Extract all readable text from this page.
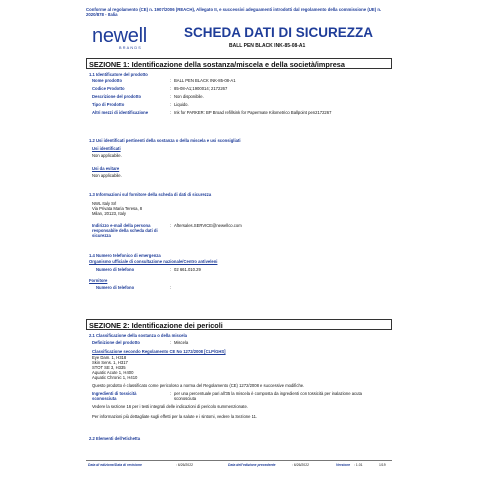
Conforme al regolamento (CE) n. 1907/2006 (REACH), Allegato II, e successivi adeguamenti introdotti dal regolamento della commissione (UE) n. 2020/878 - Italia
newell
BRANDS
SCHEDA DATI DI SICUREZZA
BALL PEN BLACK INK-85-08-A1
SEZIONE 1: Identificazione della sostanza/miscela e della società/impresa
1.1 Identificatore del prodotto
Nome prodotto	: BALL PEN BLACK INK-85-08-A1
Codice Prodotto	: 85-08-A1;1900014; 2172267
Descrizione del prodotto	: Non disponibile.
Tipo di Prodotto	: Liquido.
Altri mezzi di identificazione	: Ink for PARKER: BP Broad refillsink for Papermate Kilometrico Ballpoint pen2172267
1.2 Usi identificati pertinenti della sostanza o della miscela e usi sconsigliati
Usi identificati
Non applicabile.
Usi da evitare
Non applicabile.
1.3 Informazioni sul fornitore della scheda di dati di sicurezza
NWL Italy Srl
Via Privata Maria Teresa, 8
Milan, 20123, Italy
Indirizzo e-mail della persona responsabile della scheda dati di sicurezza
: Aftersales.SERVICE@newellco.com
1.4 Numero telefonico di emergenza
Organismo ufficiale di consultazione nazionale/Centro antiveleni
Numero di telefono	: 02 661.010.29
Fornitore
Numero di telefono	:
SEZIONE 2: Identificazione dei pericoli
2.1 Classificazione della sostanza o della miscela
Definizione del prodotto	: Miscela
Classificazione secondo Regolamento CE No 1272/2008 [CLP/GHS]
Eye Dam. 1, H318
Skin Sens. 1, H317
STOT SE 3, H335
Aquatic Acute 1, H400
Aquatic Chronic 1, H410
Questo prodotto è classificato come pericoloso a norma del Regolamento (CE) 1272/2008 e successive modifiche.
Ingredienti di tossicità sconosciuta
: per una percentuale pari all'35 la miscela è composta da ingredienti con tossicità per inalazione acuta sconosciuta
Vedere la sezione 16 per i testi integrali delle indicazioni di pericolo summenzionate.
Per informazioni più dettagliate sugli effetti per la salute e i sintomi, vedere la Sezione 11.
2.2 Elementi dell'etichetta
Data di edizione/Data di revisione	: 6/26/2022	Data dell'edizione precedente	: 6/26/2022	Versione : 1.01	1/19
